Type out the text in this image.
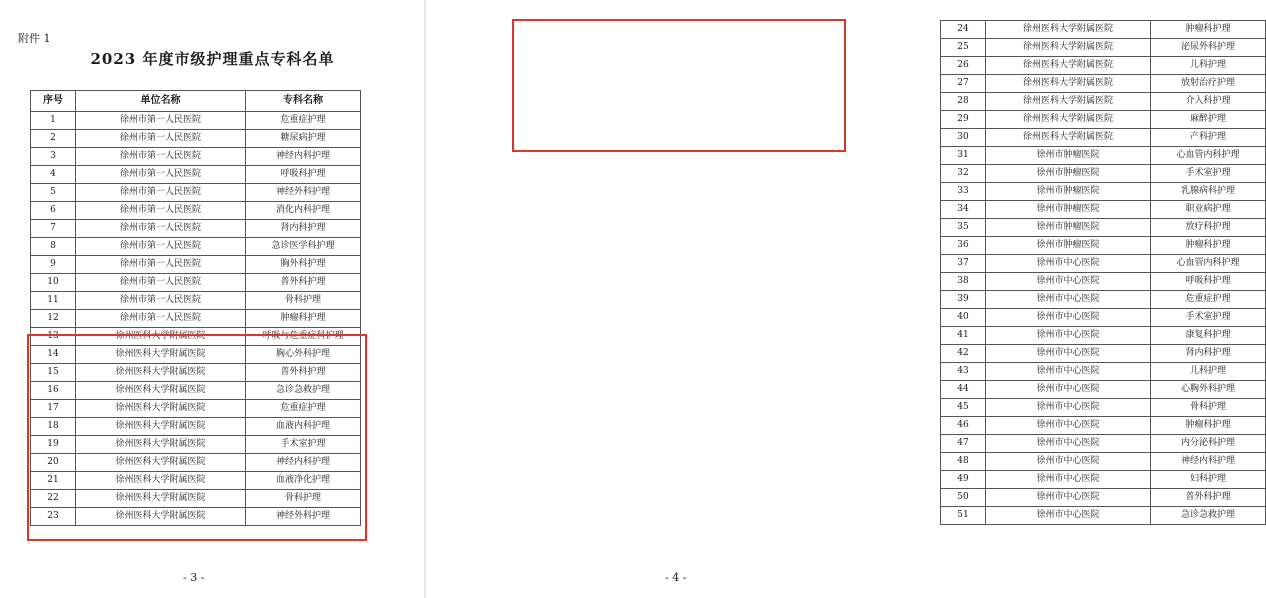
附件 1
2023 年度市级护理重点专科名单
序号	单位名称	专科名称
1	徐州市第一人民医院	危重症护理
2	徐州市第一人民医院	糖尿病护理
3	徐州市第一人民医院	神经内科护理
4	徐州市第一人民医院	呼吸科护理
5	徐州市第一人民医院	神经外科护理
6	徐州市第一人民医院	消化内科护理
7	徐州市第一人民医院	肾内科护理
8	徐州市第一人民医院	急诊医学科护理
9	徐州市第一人民医院	胸外科护理
10	徐州市第一人民医院	普外科护理
11	徐州市第一人民医院	骨科护理
12	徐州市第一人民医院	肿瘤科护理
13	徐州医科大学附属医院	呼吸与危重症科护理
14	徐州医科大学附属医院	胸心外科护理
15	徐州医科大学附属医院	普外科护理
16	徐州医科大学附属医院	急诊急救护理
17	徐州医科大学附属医院	危重症护理
18	徐州医科大学附属医院	血液内科护理
19	徐州医科大学附属医院	手术室护理
20	徐州医科大学附属医院	神经内科护理
21	徐州医科大学附属医院	血液净化护理
22	徐州医科大学附属医院	骨科护理
23	徐州医科大学附属医院	神经外科护理
- 3 -
24	徐州医科大学附属医院	肿瘤科护理
25	徐州医科大学附属医院	泌尿外科护理
26	徐州医科大学附属医院	儿科护理
27	徐州医科大学附属医院	放射治疗护理
28	徐州医科大学附属医院	介入科护理
29	徐州医科大学附属医院	麻醉护理
30	徐州医科大学附属医院	产科护理
31	徐州市肿瘤医院	心血管内科护理
32	徐州市肿瘤医院	手术室护理
33	徐州市肿瘤医院	乳腺病科护理
34	徐州市肿瘤医院	职业病护理
35	徐州市肿瘤医院	放疗科护理
36	徐州市肿瘤医院	肿瘤科护理
37	徐州市中心医院	心血管内科护理
38	徐州市中心医院	呼吸科护理
39	徐州市中心医院	危重症护理
40	徐州市中心医院	手术室护理
41	徐州市中心医院	康复科护理
42	徐州市中心医院	肾内科护理
43	徐州市中心医院	儿科护理
44	徐州市中心医院	心胸外科护理
45	徐州市中心医院	骨科护理
46	徐州市中心医院	肿瘤科护理
47	徐州市中心医院	内分泌科护理
48	徐州市中心医院	神经内科护理
49	徐州市中心医院	妇科护理
50	徐州市中心医院	普外科护理
51	徐州市中心医院	急诊急救护理
- 4 -
